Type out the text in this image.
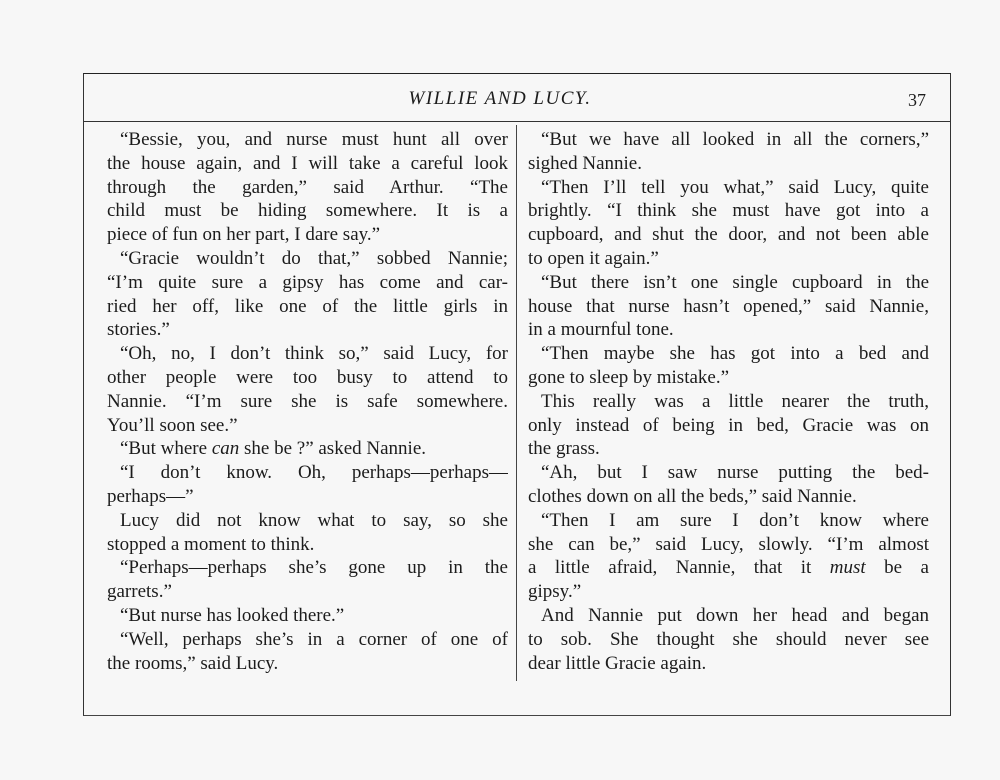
WILLIE AND LUCY.	37
“Bessie, you, and nurse must hunt all over
the house again, and I will take a careful look
through the garden,” said Arthur. “The
child must be hiding somewhere. It is a
piece of fun on her part, I dare say.”
“Gracie wouldn’t do that,” sobbed Nannie;
“I’m quite sure a gipsy has come and car-
ried her off, like one of the little girls in
stories.”
“Oh, no, I don’t think so,” said Lucy, for
other people were too busy to attend to
Nannie. “I’m sure she is safe somewhere.
You’ll soon see.”
“But where can she be ?” asked Nannie.
“I don’t know. Oh, perhaps—perhaps—
perhaps—”
Lucy did not know what to say, so she
stopped a moment to think.
“Perhaps—perhaps she’s gone up in the
garrets.”
“But nurse has looked there.”
“Well, perhaps she’s in a corner of one of
the rooms,” said Lucy.
“But we have all looked in all the corners,”
sighed Nannie.
“Then I’ll tell you what,” said Lucy, quite
brightly. “I think she must have got into a
cupboard, and shut the door, and not been able
to open it again.”
“But there isn’t one single cupboard in the
house that nurse hasn’t opened,” said Nannie,
in a mournful tone.
“Then maybe she has got into a bed and
gone to sleep by mistake.”
This really was a little nearer the truth,
only instead of being in bed, Gracie was on
the grass.
“Ah, but I saw nurse putting the bed-
clothes down on all the beds,” said Nannie.
“Then I am sure I don’t know where
she can be,” said Lucy, slowly. “I’m almost
a little afraid, Nannie, that it must be a
gipsy.”
And Nannie put down her head and began
to sob. She thought she should never see
dear little Gracie again.
